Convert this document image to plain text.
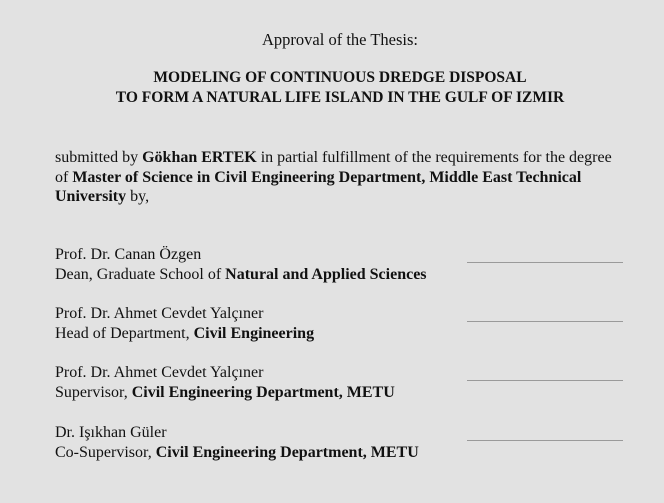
Approval of the Thesis:
MODELING OF CONTINUOUS DREDGE DISPOSAL
TO FORM A NATURAL LIFE ISLAND IN THE GULF OF IZMIR
submitted by Gökhan ERTEK in partial fulfillment of the requirements for the degree of Master of Science in Civil Engineering Department, Middle East Technical University by,
Prof. Dr. Canan Özgen
Dean, Graduate School of Natural and Applied Sciences
Prof. Dr. Ahmet Cevdet Yalçıner
Head of Department, Civil Engineering
Prof. Dr. Ahmet Cevdet Yalçıner
Supervisor, Civil Engineering Department, METU
Dr. Işıkhan Güler
Co-Supervisor, Civil Engineering Department, METU
